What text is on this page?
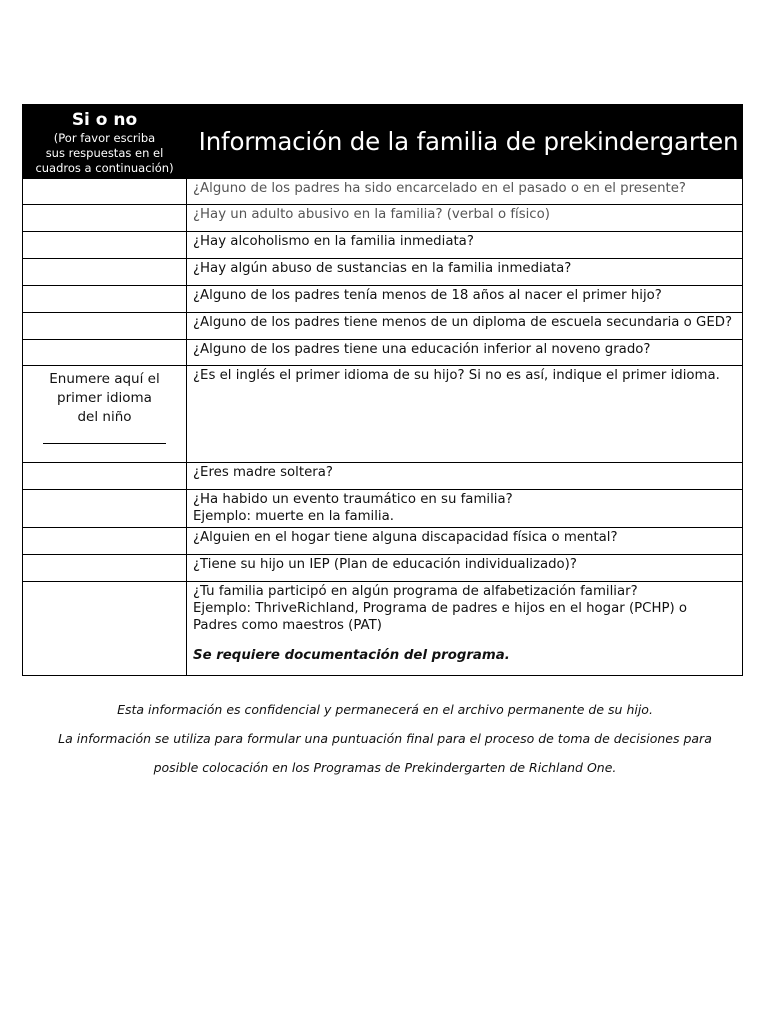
Si o no
(Por favor escriba
sus respuestas en el
cuadros a continuación)	Información de la familia de prekindergarten

	¿Alguno de los padres ha sido encarcelado en el pasado o en el presente?
	¿Hay un adulto abusivo en la familia? (verbal o físico)
	¿Hay alcoholismo en la familia inmediata?
	¿Hay algún abuso de sustancias en la familia inmediata?
	¿Alguno de los padres tenía menos de 18 años al nacer el primer hijo?
	¿Alguno de los padres tiene menos de un diploma de escuela secundaria o GED?
	¿Alguno de los padres tiene una educación inferior al noveno grado?

Enumere aquí el
primer idioma
del niño	¿Es el inglés el primer idioma de su hijo? Si no es así, indique el primer idioma.
	¿Eres madre soltera?

	¿Ha habido un evento traumático en su familia?
Ejemplo: muerte en la familia.

	¿Alguien en el hogar tiene alguna discapacidad física o mental?
	¿Tiene su hijo un IEP (Plan de educación individualizado)?

	¿Tu familia participó en algún programa de alfabetización familiar?
Ejemplo: ThriveRichland, Programa de padres e hijos en el hogar (PCHP) o
Padres como maestros (PAT)
Se requiere documentación del programa.
Esta información es confidencial y permanecerá en el archivo permanente de su hijo.
La información se utiliza para formular una puntuación final para el proceso de toma de decisiones para
posible colocación en los Programas de Prekindergarten de Richland One.
